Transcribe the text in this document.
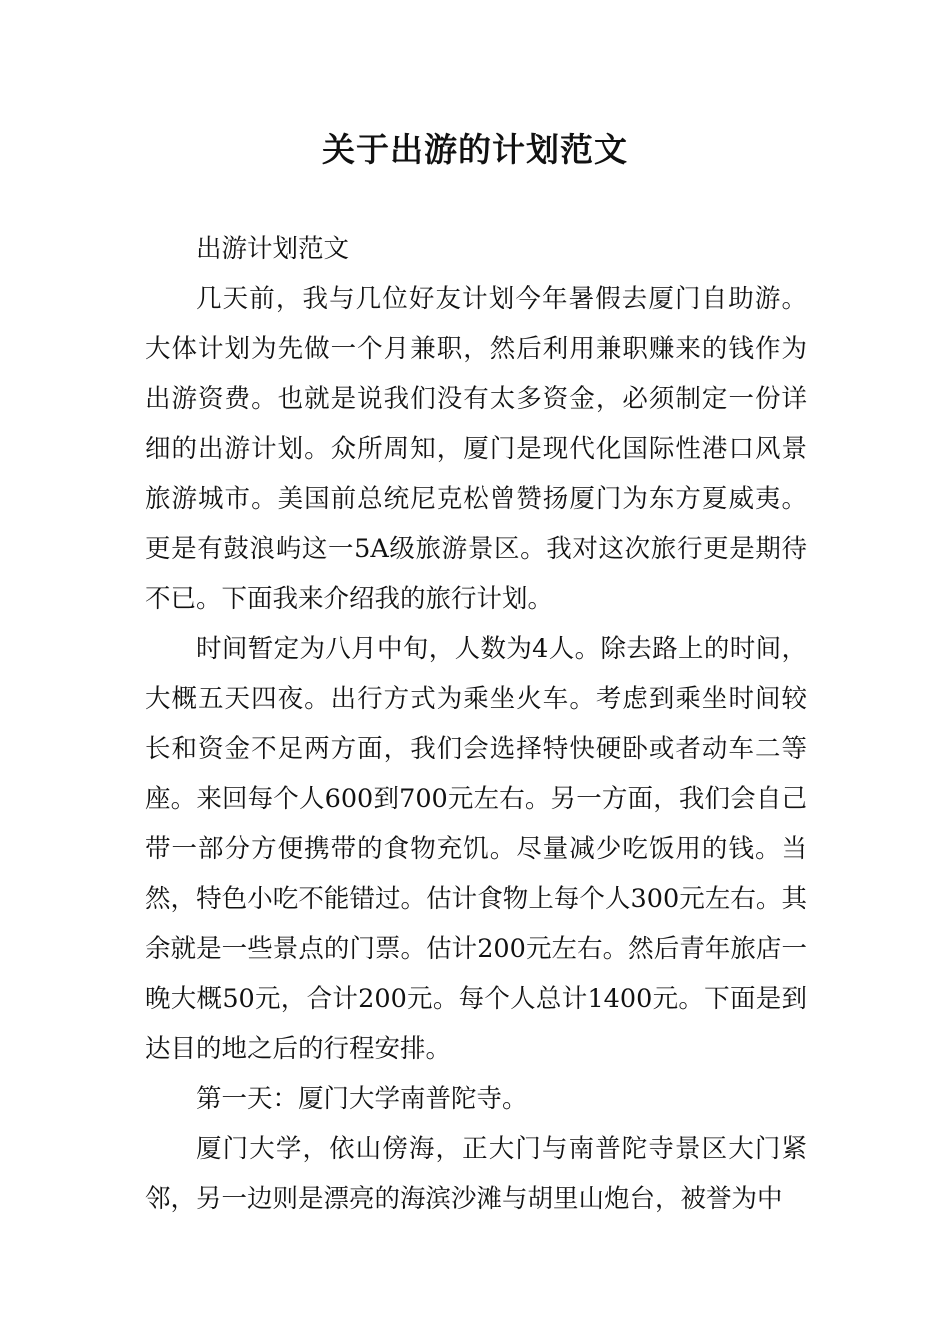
关于出游的计划范文

出游计划范文

几天前，我与几位好友计划今年暑假去厦门自助游。大体计划为先做一个月兼职，然后利用兼职赚来的钱作为出游资费。也就是说我们没有太多资金，必须制定一份详细的出游计划。众所周知，厦门是现代化国际性港口风景旅游城市。美国前总统尼克松曾赞扬厦门为东方夏威夷。更是有鼓浪屿这一5A级旅游景区。我对这次旅行更是期待不已。下面我来介绍我的旅行计划。

时间暂定为八月中旬，人数为4人。除去路上的时间，大概五天四夜。出行方式为乘坐火车。考虑到乘坐时间较长和资金不足两方面，我们会选择特快硬卧或者动车二等座。来回每个人600到700元左右。另一方面，我们会自己带一部分方便携带的食物充饥。尽量减少吃饭用的钱。当然，特色小吃不能错过。估计食物上每个人300元左右。其余就是一些景点的门票。估计200元左右。然后青年旅店一晚大概50元，合计200元。每个人总计1400元。下面是到达目的地之后的行程安排。

第一天：厦门大学南普陀寺。

厦门大学，依山傍海，正大门与南普陀寺景区大门紧邻，另一边则是漂亮的海滨沙滩与胡里山炮台，被誉为中
